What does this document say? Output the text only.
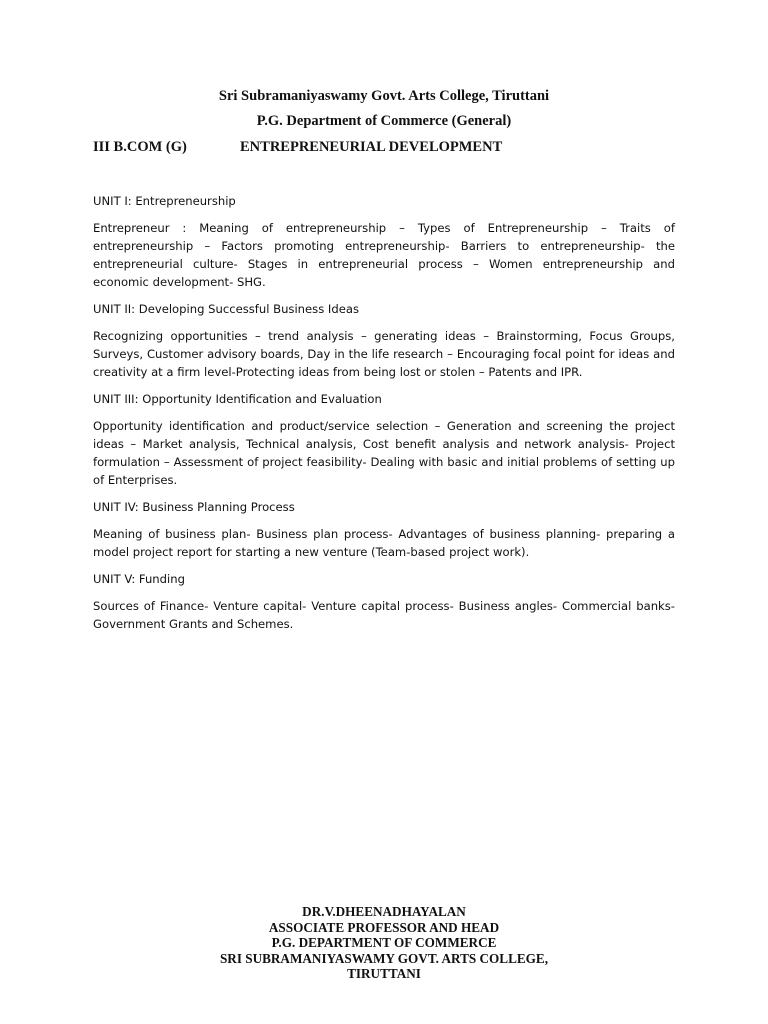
Sri Subramaniyaswamy Govt. Arts College, Tiruttani
P.G. Department of Commerce (General)
III B.COM (G)	ENTREPRENEURIAL DEVELOPMENT

UNIT I: Entrepreneurship

Entrepreneur : Meaning of entrepreneurship – Types of Entrepreneurship – Traits of entrepreneurship – Factors promoting entrepreneurship- Barriers to entrepreneurship- the entrepreneurial culture- Stages in entrepreneurial process – Women entrepreneurship and economic development- SHG.

UNIT II: Developing Successful Business Ideas

Recognizing opportunities – trend analysis – generating ideas – Brainstorming, Focus Groups, Surveys, Customer advisory boards, Day in the life research – Encouraging focal point for ideas and creativity at a firm level-Protecting ideas from being lost or stolen – Patents and IPR.

UNIT III: Opportunity Identification and Evaluation

Opportunity identification and product/service selection – Generation and screening the project ideas – Market analysis, Technical analysis, Cost benefit analysis and network analysis- Project formulation – Assessment of project feasibility- Dealing with basic and initial problems of setting up of Enterprises.

UNIT IV: Business Planning Process

Meaning of business plan- Business plan process- Advantages of business planning- preparing a model project report for starting a new venture (Team-based project work).

UNIT V: Funding

Sources of Finance- Venture capital- Venture capital process- Business angles- Commercial banks- Government Grants and Schemes.

DR.V.DHEENADHAYALAN
ASSOCIATE PROFESSOR AND HEAD
P.G. DEPARTMENT OF COMMERCE
SRI SUBRAMANIYASWAMY GOVT. ARTS COLLEGE,
TIRUTTANI
